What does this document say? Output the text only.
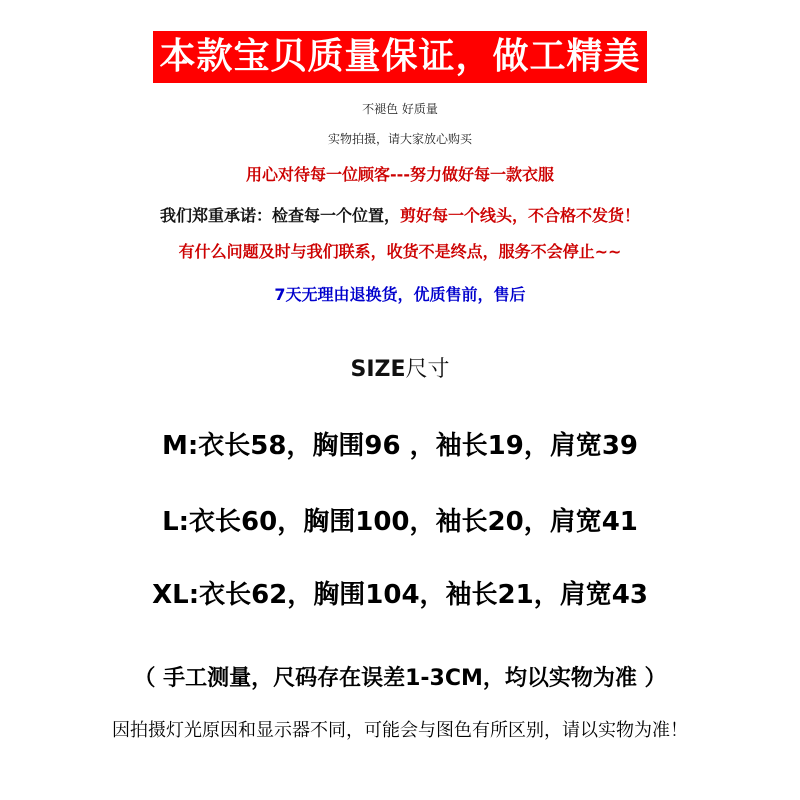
本款宝贝质量保证，做工精美
不褪色 好质量
实物拍摄，请大家放心购买
用心对待每一位顾客---努力做好每一款衣服
我们郑重承诺：检查每一个位置，剪好每一个线头，不合格不发货！
有什么问题及时与我们联系，收货不是终点，服务不会停止~~
7天无理由退换货，优质售前，售后
SIZE尺寸
M:衣长58，胸围96 ，袖长19，肩宽39
L:衣长60，胸围100，袖长20，肩宽41
XL:衣长62，胸围104，袖长21，肩宽43
（ 手工测量，尺码存在误差1-3CM，均以实物为准 ）
因拍摄灯光原因和显示器不同，可能会与图色有所区别，请以实物为准！
